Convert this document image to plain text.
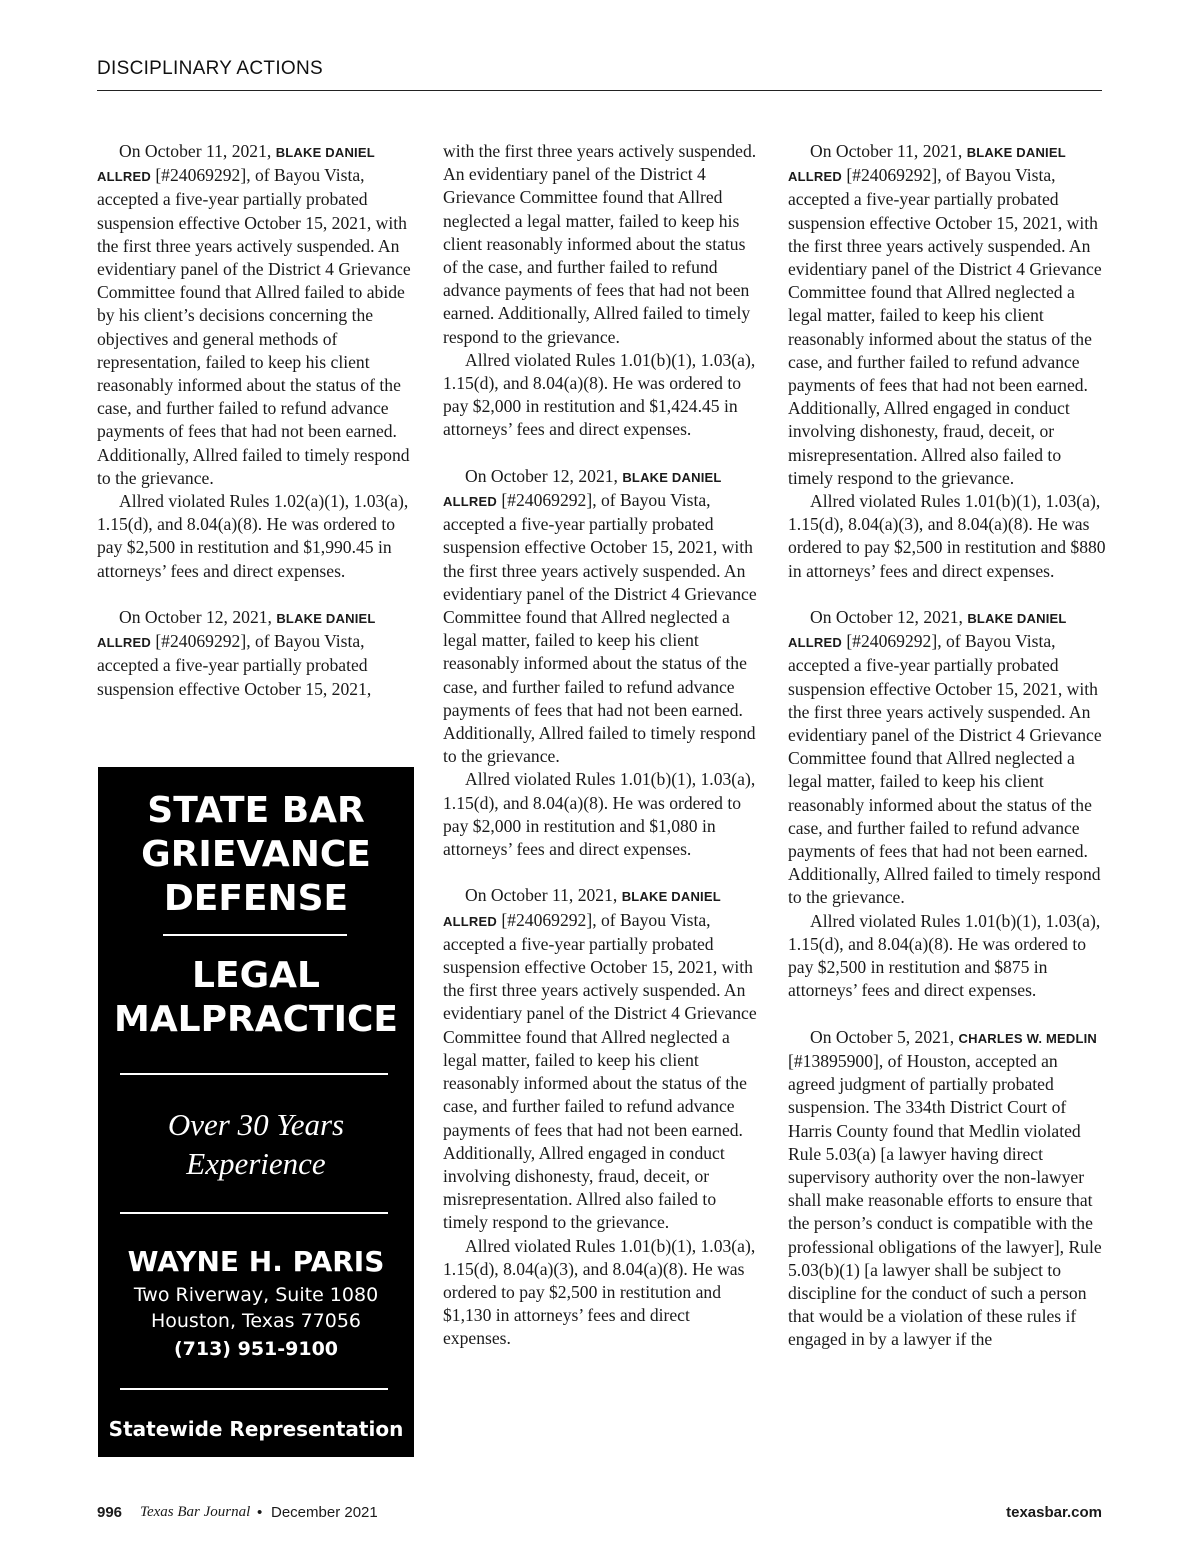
DISCIPLINARY ACTIONS

On October 11, 2021, BLAKE DANIEL ALLRED [#24069292], of Bayou Vista, accepted a five-year partially probated suspension effective October 15, 2021, with the first three years actively suspended. An evidentiary panel of the District 4 Grievance Committee found that Allred failed to abide by his client’s decisions concerning the objectives and general methods of representation, failed to keep his client reasonably informed about the status of the case, and further failed to refund advance payments of fees that had not been earned. Additionally, Allred failed to timely respond to the grievance.

Allred violated Rules 1.02(a)(1), 1.03(a), 1.15(d), and 8.04(a)(8). He was ordered to pay $2,500 in restitution and $1,990.45 in attorneys’ fees and direct expenses.

On October 12, 2021, BLAKE DANIEL ALLRED [#24069292], of Bayou Vista, accepted a five-year partially probated suspension effective October 15, 2021,

STATE BAR
GRIEVANCE
DEFENSE
LEGAL
MALPRACTICE
Over 30 Years
Experience
WAYNE H. PARIS
Two Riverway, Suite 1080
Houston, Texas 77056
(713) 951-9100
Statewide Representation

with the first three years actively suspended. An evidentiary panel of the District 4 Grievance Committee found that Allred neglected a legal matter, failed to keep his client reasonably informed about the status of the case, and further failed to refund advance payments of fees that had not been earned. Additionally, Allred failed to timely respond to the grievance.

Allred violated Rules 1.01(b)(1), 1.03(a), 1.15(d), and 8.04(a)(8). He was ordered to pay $2,000 in restitution and $1,424.45 in attorneys’ fees and direct expenses.

On October 12, 2021, BLAKE DANIEL ALLRED [#24069292], of Bayou Vista, accepted a five-year partially probated suspension effective October 15, 2021, with the first three years actively suspended. An evidentiary panel of the District 4 Grievance Committee found that Allred neglected a legal matter, failed to keep his client reasonably informed about the status of the case, and further failed to refund advance payments of fees that had not been earned. Additionally, Allred failed to timely respond to the grievance.

Allred violated Rules 1.01(b)(1), 1.03(a), 1.15(d), and 8.04(a)(8). He was ordered to pay $2,000 in restitution and $1,080 in attorneys’ fees and direct expenses.

On October 11, 2021, BLAKE DANIEL ALLRED [#24069292], of Bayou Vista, accepted a five-year partially probated suspension effective October 15, 2021, with the first three years actively suspended. An evidentiary panel of the District 4 Grievance Committee found that Allred neglected a legal matter, failed to keep his client reasonably informed about the status of the case, and further failed to refund advance payments of fees that had not been earned. Additionally, Allred engaged in conduct involving dishonesty, fraud, deceit, or misrepresentation. Allred also failed to timely respond to the grievance.

Allred violated Rules 1.01(b)(1), 1.03(a), 1.15(d), 8.04(a)(3), and 8.04(a)(8). He was ordered to pay $2,500 in restitution and $1,130 in attorneys’ fees and direct expenses.

On October 11, 2021, BLAKE DANIEL ALLRED [#24069292], of Bayou Vista, accepted a five-year partially probated suspension effective October 15, 2021, with the first three years actively suspended. An evidentiary panel of the District 4 Grievance Committee found that Allred neglected a legal matter, failed to keep his client reasonably informed about the status of the case, and further failed to refund advance payments of fees that had not been earned. Additionally, Allred engaged in conduct involving dishonesty, fraud, deceit, or misrepresentation. Allred also failed to timely respond to the grievance.

Allred violated Rules 1.01(b)(1), 1.03(a), 1.15(d), 8.04(a)(3), and 8.04(a)(8). He was ordered to pay $2,500 in restitution and $880 in attorneys’ fees and direct expenses.

On October 12, 2021, BLAKE DANIEL ALLRED [#24069292], of Bayou Vista, accepted a five-year partially probated suspension effective October 15, 2021, with the first three years actively suspended. An evidentiary panel of the District 4 Grievance Committee found that Allred neglected a legal matter, failed to keep his client reasonably informed about the status of the case, and further failed to refund advance payments of fees that had not been earned. Additionally, Allred failed to timely respond to the grievance.

Allred violated Rules 1.01(b)(1), 1.03(a), 1.15(d), and 8.04(a)(8). He was ordered to pay $2,500 in restitution and $875 in attorneys’ fees and direct expenses.

On October 5, 2021, CHARLES W. MEDLIN [#13895900], of Houston, accepted an agreed judgment of partially probated suspension. The 334th District Court of Harris County found that Medlin violated Rule 5.03(a) [a lawyer having direct supervisory authority over the non-lawyer shall make reasonable efforts to ensure that the person’s conduct is compatible with the professional obligations of the lawyer], Rule 5.03(b)(1) [a lawyer shall be subject to discipline for the conduct of such a person that would be a violation of these rules if engaged in by a lawyer if the

996 Texas Bar Journal • December 2021	texasbar.com
